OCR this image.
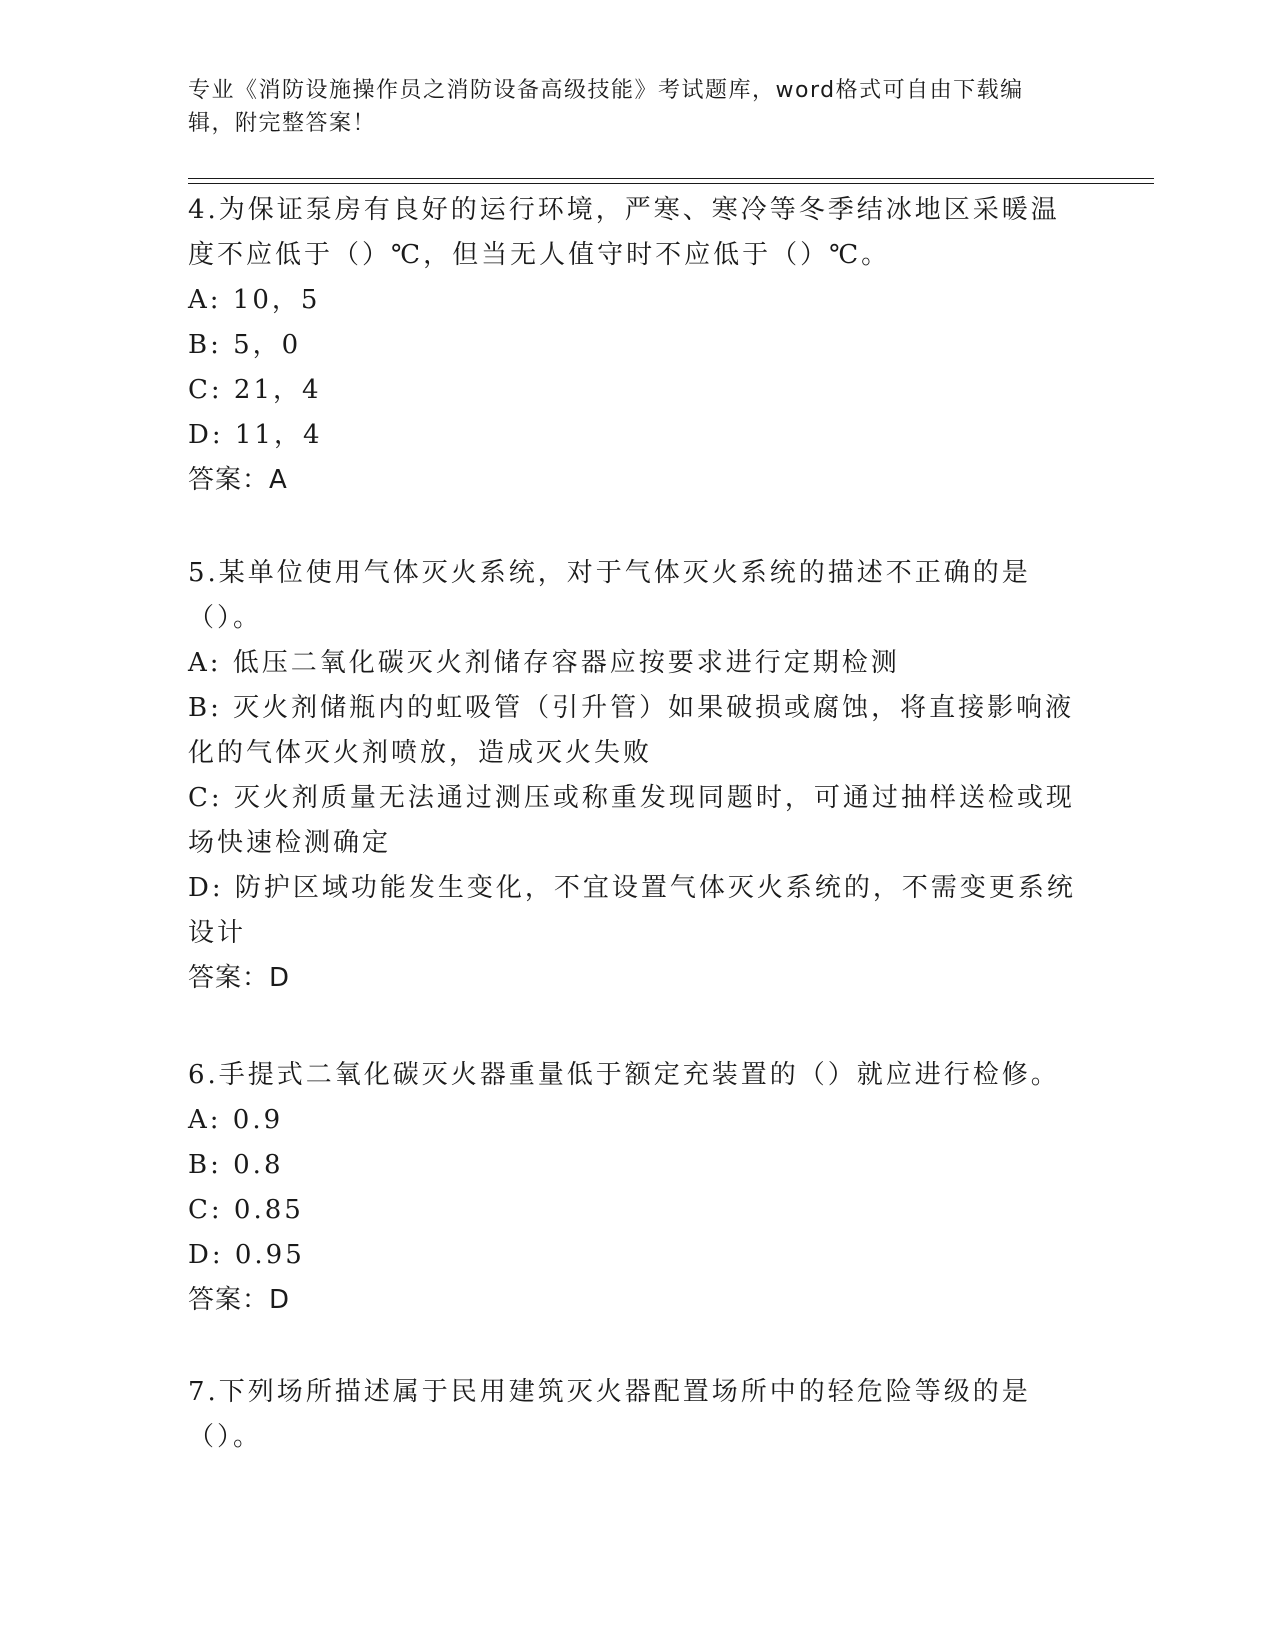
专业《消防设施操作员之消防设备高级技能》考试题库，word格式可自由下载编辑，附完整答案！

4.为保证泵房有良好的运行环境，严寒、寒冷等冬季结冰地区采暖温度不应低于（）℃，但当无人值守时不应低于（）℃。

A: 10，5

B: 5，0

C: 21，4

D: 11，4

答案：A

5.某单位使用气体灭火系统，对于气体灭火系统的描述不正确的是（）。

A: 低压二氧化碳灭火剂储存容器应按要求进行定期检测

B: 灭火剂储瓶内的虹吸管（引升管）如果破损或腐蚀，将直接影响液化的气体灭火剂喷放，造成灭火失败

C: 灭火剂质量无法通过测压或称重发现同题时，可通过抽样送检或现场快速检测确定

D: 防护区域功能发生变化，不宜设置气体灭火系统的，不需变更系统设计

答案：D

6.手提式二氧化碳灭火器重量低于额定充装置的（）就应进行检修。

A: 0.9

B: 0.8

C: 0.85

D: 0.95

答案：D

7.下列场所描述属于民用建筑灭火器配置场所中的轻危险等级的是（）。
